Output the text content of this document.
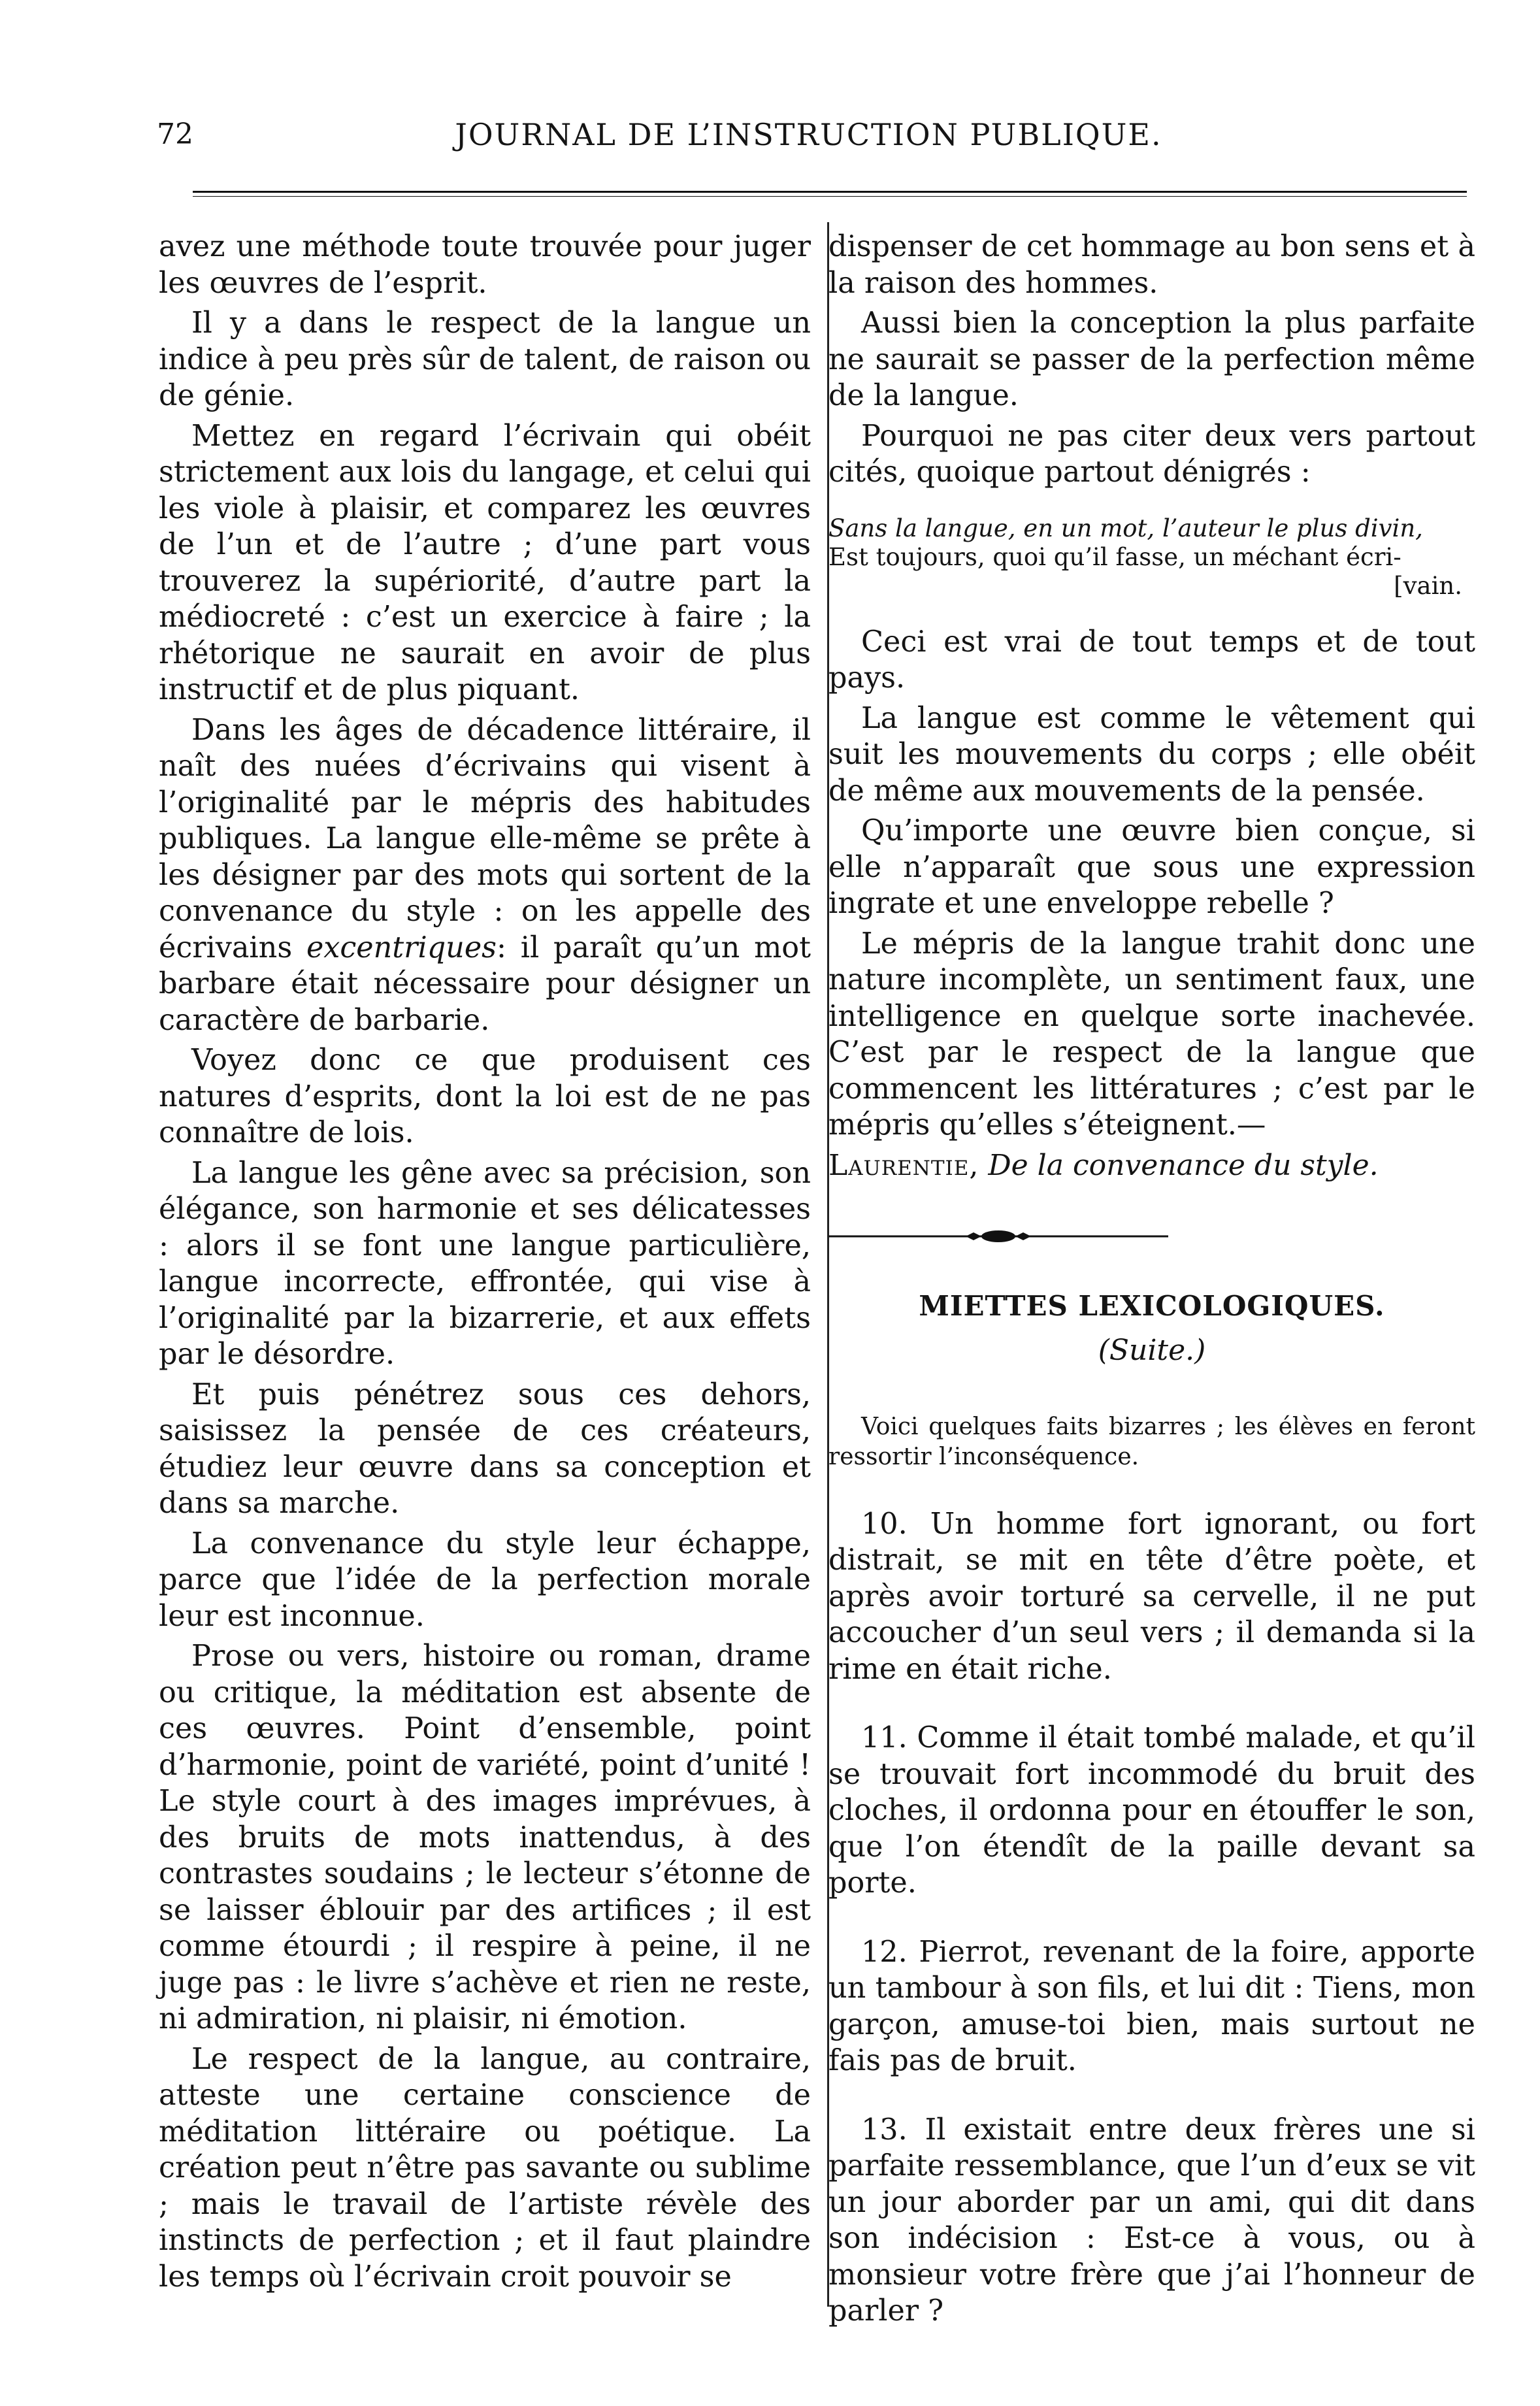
72	JOURNAL DE L’INSTRUCTION PUBLIQUE.

avez une méthode toute trouvée pour juger les œuvres de l’esprit.

Il y a dans le respect de la langue un indice à peu près sûr de talent, de raison ou de génie.

Mettez en regard l’écrivain qui obéit strictement aux lois du langage, et celui qui les viole à plaisir, et comparez les œuvres de l’un et de l’autre ; d’une part vous trouverez la supériorité, d’autre part la médiocreté : c’est un exercice à faire ; la rhétorique ne saurait en avoir de plus instructif et de plus piquant.

Dans les âges de décadence littéraire, il naît des nuées d’écrivains qui visent à l’originalité par le mépris des habitudes publiques. La langue elle-même se prête à les désigner par des mots qui sortent de la convenance du style : on les appelle des écrivains excentriques: il paraît qu’un mot barbare était nécessaire pour désigner un caractère de barbarie.

Voyez donc ce que produisent ces natures d’esprits, dont la loi est de ne pas connaître de lois.

La langue les gêne avec sa précision, son élégance, son harmonie et ses délicatesses : alors il se font une langue particulière, langue incorrecte, effrontée, qui vise à l’originalité par la bizarrerie, et aux effets par le désordre.

Et puis pénétrez sous ces dehors, saisissez la pensée de ces créateurs, étudiez leur œuvre dans sa conception et dans sa marche.

La convenance du style leur échappe, parce que l’idée de la perfection morale leur est inconnue.

Prose ou vers, histoire ou roman, drame ou critique, la méditation est absente de ces œuvres. Point d’ensemble, point d’harmonie, point de variété, point d’unité ! Le style court à des images imprévues, à des bruits de mots inattendus, à des contrastes soudains ; le lecteur s’étonne de se laisser éblouir par des artifices ; il est comme étourdi ; il respire à peine, il ne juge pas : le livre s’achève et rien ne reste, ni admiration, ni plaisir, ni émotion.

Le respect de la langue, au contraire, atteste une certaine conscience de méditation littéraire ou poétique. La création peut n’être pas savante ou sublime ; mais le travail de l’artiste révèle des instincts de perfection ; et il faut plaindre les temps où l’écrivain croit pouvoir se

dispenser de cet hommage au bon sens et à la raison des hommes.

Aussi bien la conception la plus parfaite ne saurait se passer de la perfection même de la langue.

Pourquoi ne pas citer deux vers partout cités, quoique partout dénigrés :

Sans la langue, en un mot, l’auteur le plus divin,
Est toujours, quoi qu’il fasse, un méchant écri-
[vain.

Ceci est vrai de tout temps et de tout pays.

La langue est comme le vêtement qui suit les mouvements du corps ; elle obéit de même aux mouvements de la pensée.

Qu’importe une œuvre bien conçue, si elle n’apparaît que sous une expression ingrate et une enveloppe rebelle ?

Le mépris de la langue trahit donc une nature incomplète, un sentiment faux, une intelligence en quelque sorte inachevée. C’est par le respect de la langue que commencent les littératures ; c’est par le mépris qu’elles s’éteignent.—

Laurentie, De la convenance du style.
MIETTES LEXICOLOGIQUES.
(Suite.)

Voici quelques faits bizarres ; les élèves en feront ressortir l’inconséquence.

10. Un homme fort ignorant, ou fort distrait, se mit en tête d’être poète, et après avoir torturé sa cervelle, il ne put accoucher d’un seul vers ; il demanda si la rime en était riche.

11. Comme il était tombé malade, et qu’il se trouvait fort incommodé du bruit des cloches, il ordonna pour en étouffer le son, que l’on étendît de la paille devant sa porte.

12. Pierrot, revenant de la foire, apporte un tambour à son fils, et lui dit : Tiens, mon garçon, amuse-toi bien, mais surtout ne fais pas de bruit.

13. Il existait entre deux frères une si parfaite ressemblance, que l’un d’eux se vit un jour aborder par un ami, qui dit dans son indécision : Est-ce à vous, ou à monsieur votre frère que j’ai l’honneur de parler ?
